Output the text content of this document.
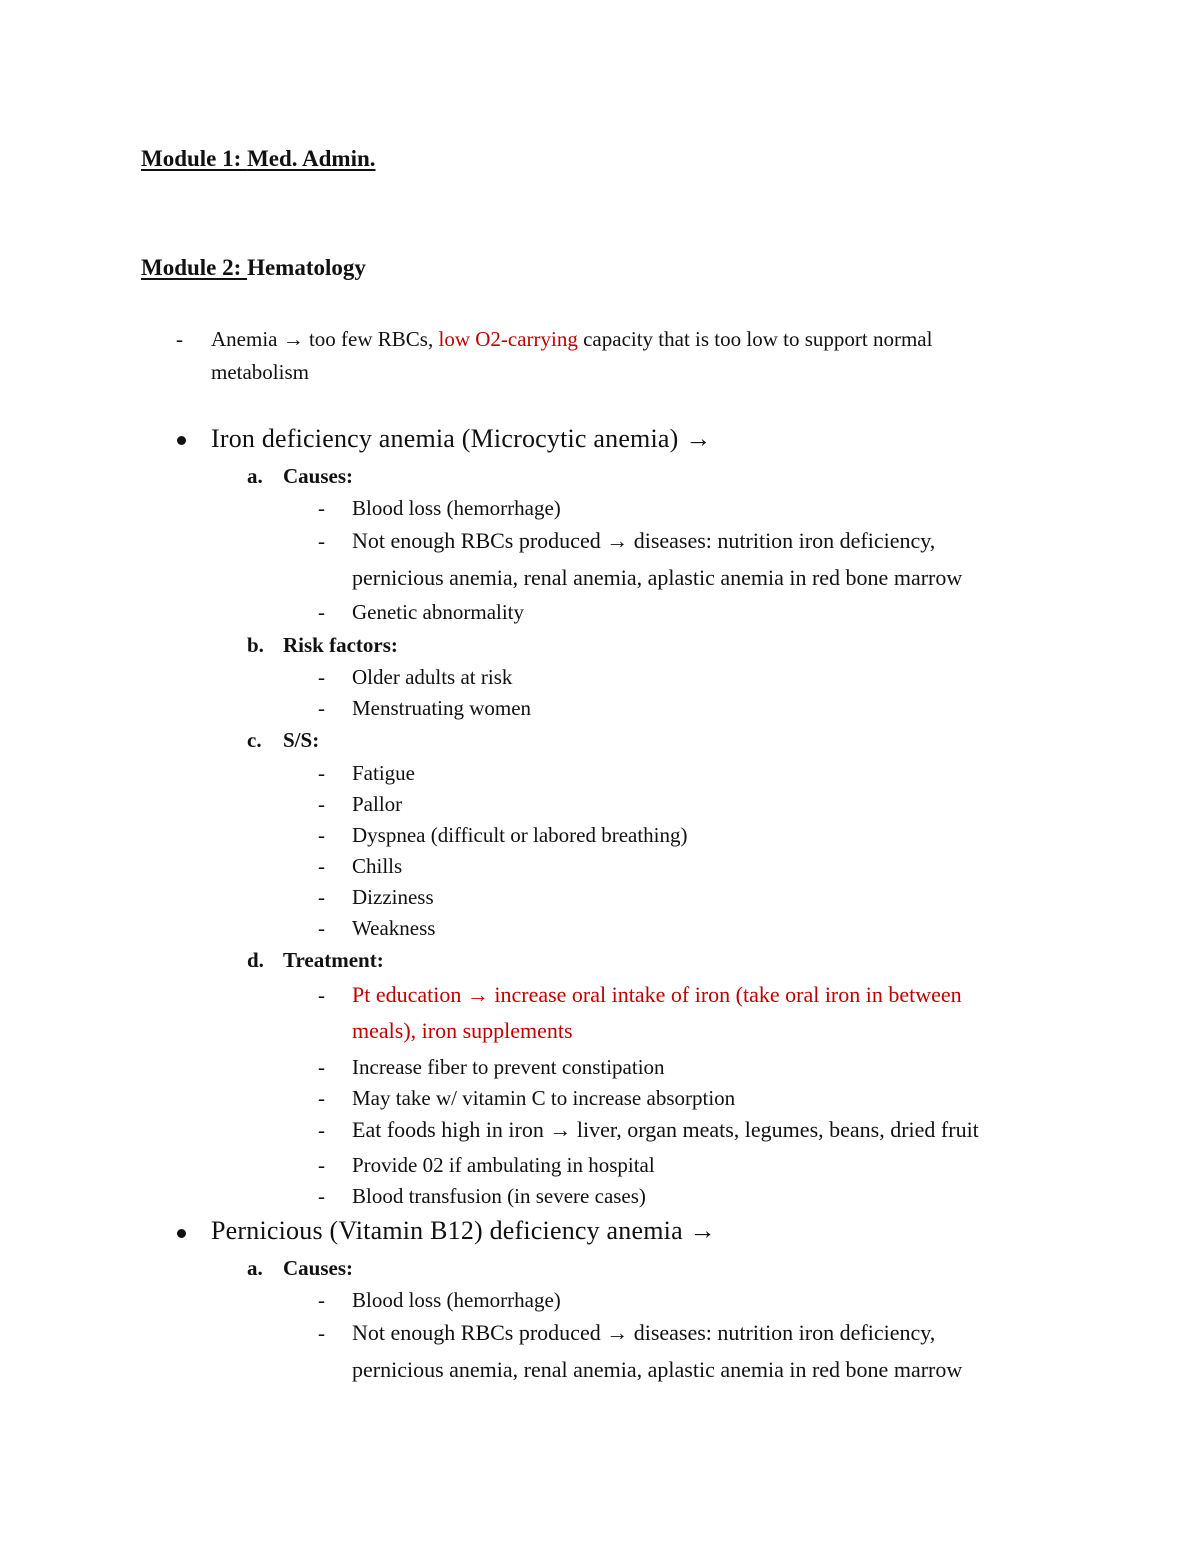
Module 1: Med. Admin.
Module 2: Hematology
- Anemia → too few RBCs, low O2-carrying capacity that is too low to support normal
metabolism
Iron deficiency anemia (Microcytic anemia) →
a. Causes:
- Blood loss (hemorrhage)
- Not enough RBCs produced → diseases: nutrition iron deficiency,
pernicious anemia, renal anemia, aplastic anemia in red bone marrow
- Genetic abnormality
b. Risk factors:
- Older adults at risk
- Menstruating women
c. S/S:
- Fatigue
- Pallor
- Dyspnea (difficult or labored breathing)
- Chills
- Dizziness
- Weakness
d. Treatment:
- Pt education → increase oral intake of iron (take oral iron in between
meals), iron supplements
- Increase fiber to prevent constipation
- May take w/ vitamin C to increase absorption
- Eat foods high in iron → liver, organ meats, legumes, beans, dried fruit
- Provide 02 if ambulating in hospital
- Blood transfusion (in severe cases)
Pernicious (Vitamin B12) deficiency anemia →
a. Causes:
- Blood loss (hemorrhage)
- Not enough RBCs produced → diseases: nutrition iron deficiency,
pernicious anemia, renal anemia, aplastic anemia in red bone marrow
